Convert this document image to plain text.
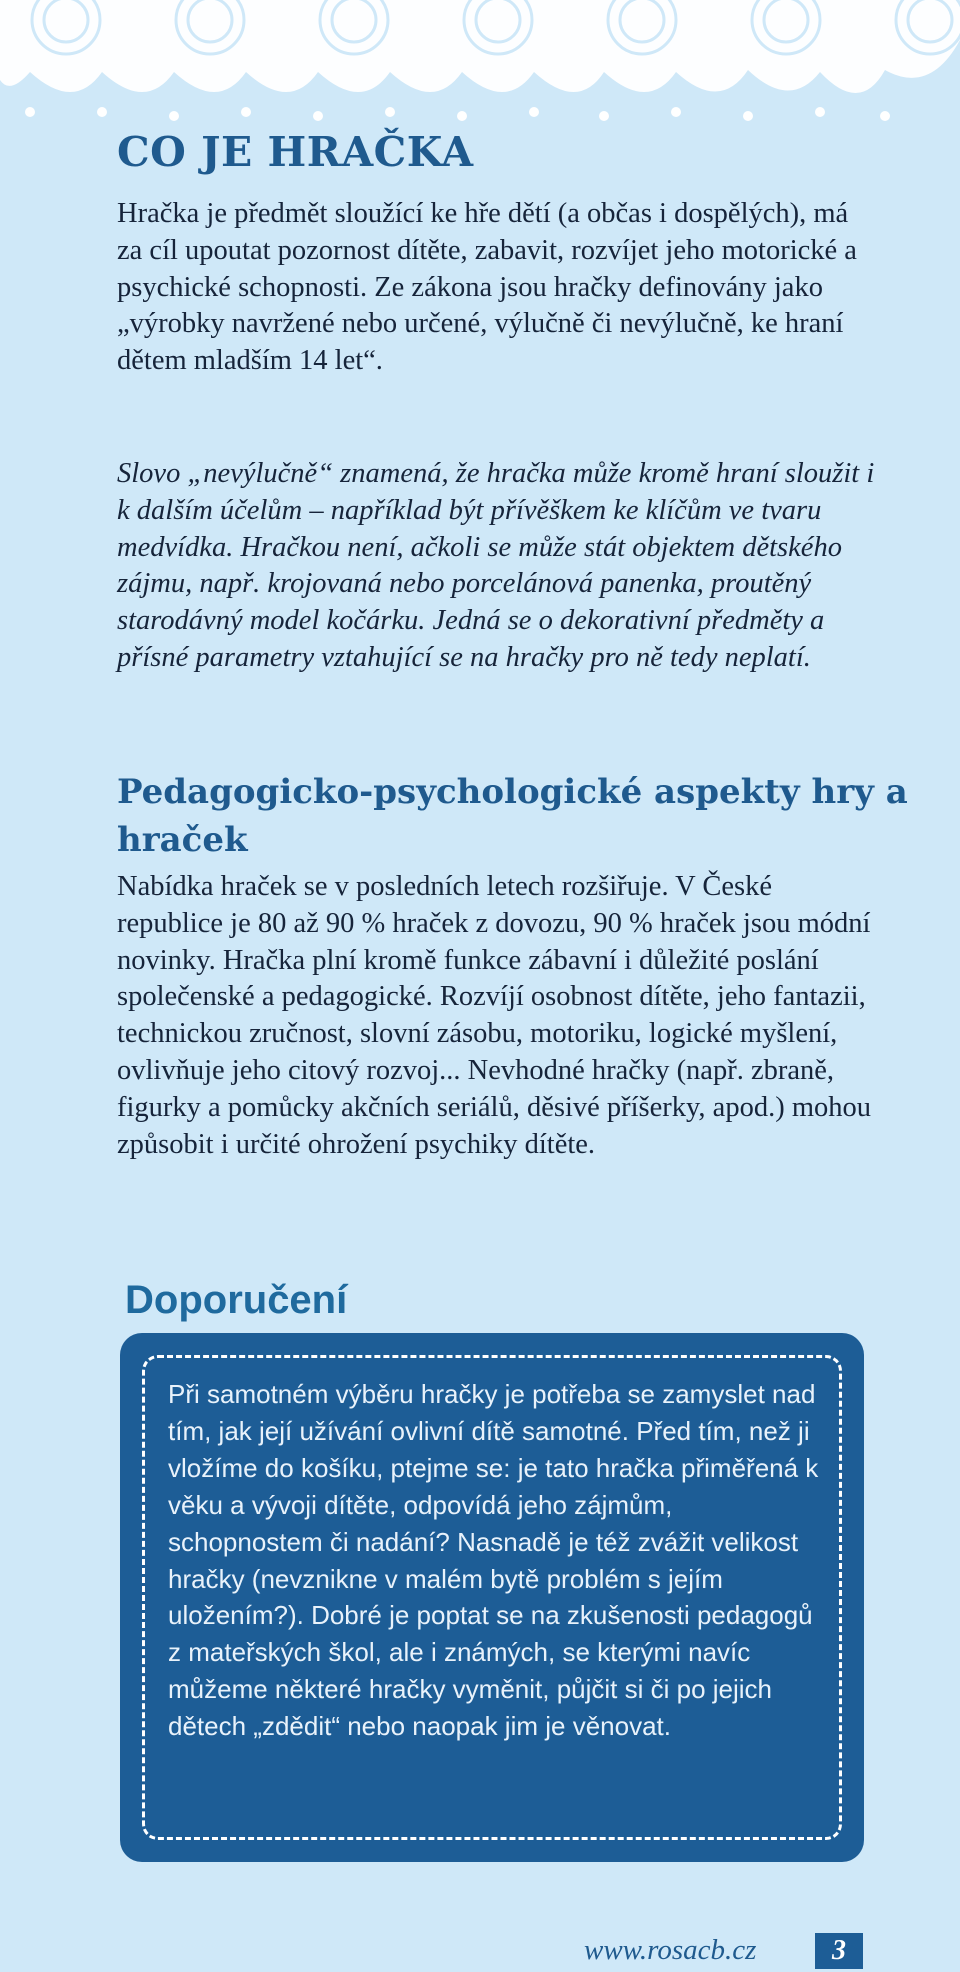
CO JE HRAČKA

Hračka je předmět sloužící ke hře dětí (a občas i dospělých), má za cíl upoutat pozornost dítěte, zabavit, rozvíjet jeho motorické a psychické schopnosti. Ze zákona jsou hračky definovány jako „výrobky navržené nebo určené, výlučně či nevýlučně, ke hraní dětem mladším 14 let“.

Slovo „nevýlučně“ znamená, že hračka může kromě hraní sloužit i k dalším účelům – například být přívěškem ke klíčům ve tvaru medvídka. Hračkou není, ačkoli se může stát objektem dětského zájmu, např. krojovaná nebo porcelánová panenka, proutěný starodávný model kočárku. Jedná se o dekorativní předměty a přísné parametry vztahující se na hračky pro ně tedy neplatí.

Pedagogicko-psychologické aspekty hry a hraček

Nabídka hraček se v posledních letech rozšiřuje. V České republice je 80 až 90 % hraček z dovozu, 90 % hraček jsou módní novinky. Hračka plní kromě funkce zábavní i důležité poslání společenské a pedagogické. Rozvíjí osobnost dítěte, jeho fantazii, technickou zručnost, slovní zásobu, motoriku, logické myšlení, ovlivňuje jeho citový rozvoj... Nevhodné hračky (např. zbraně, figurky a pomůcky akčních seriálů, děsivé příšerky, apod.) mohou způsobit i určité ohrožení psychiky dítěte.

Doporučení

Při samotném výběru hračky je potřeba se zamyslet nad tím, jak její užívání ovlivní dítě samotné. Před tím, než ji vložíme do košíku, ptejme se: je tato hračka přiměřená k věku a vývoji dítěte, odpovídá jeho zájmům, schopnostem či nadání? Nasnadě je též zvážit velikost hračky (nevznikne v malém bytě problém s jejím uložením?). Dobré je poptat se na zkušenosti pedagogů z mateřských škol, ale i známých, se kterými navíc můžeme některé hračky vyměnit, půjčit si či po jejich dětech „zdědit“ nebo naopak jim je věnovat.

www.rosacb.cz	3
